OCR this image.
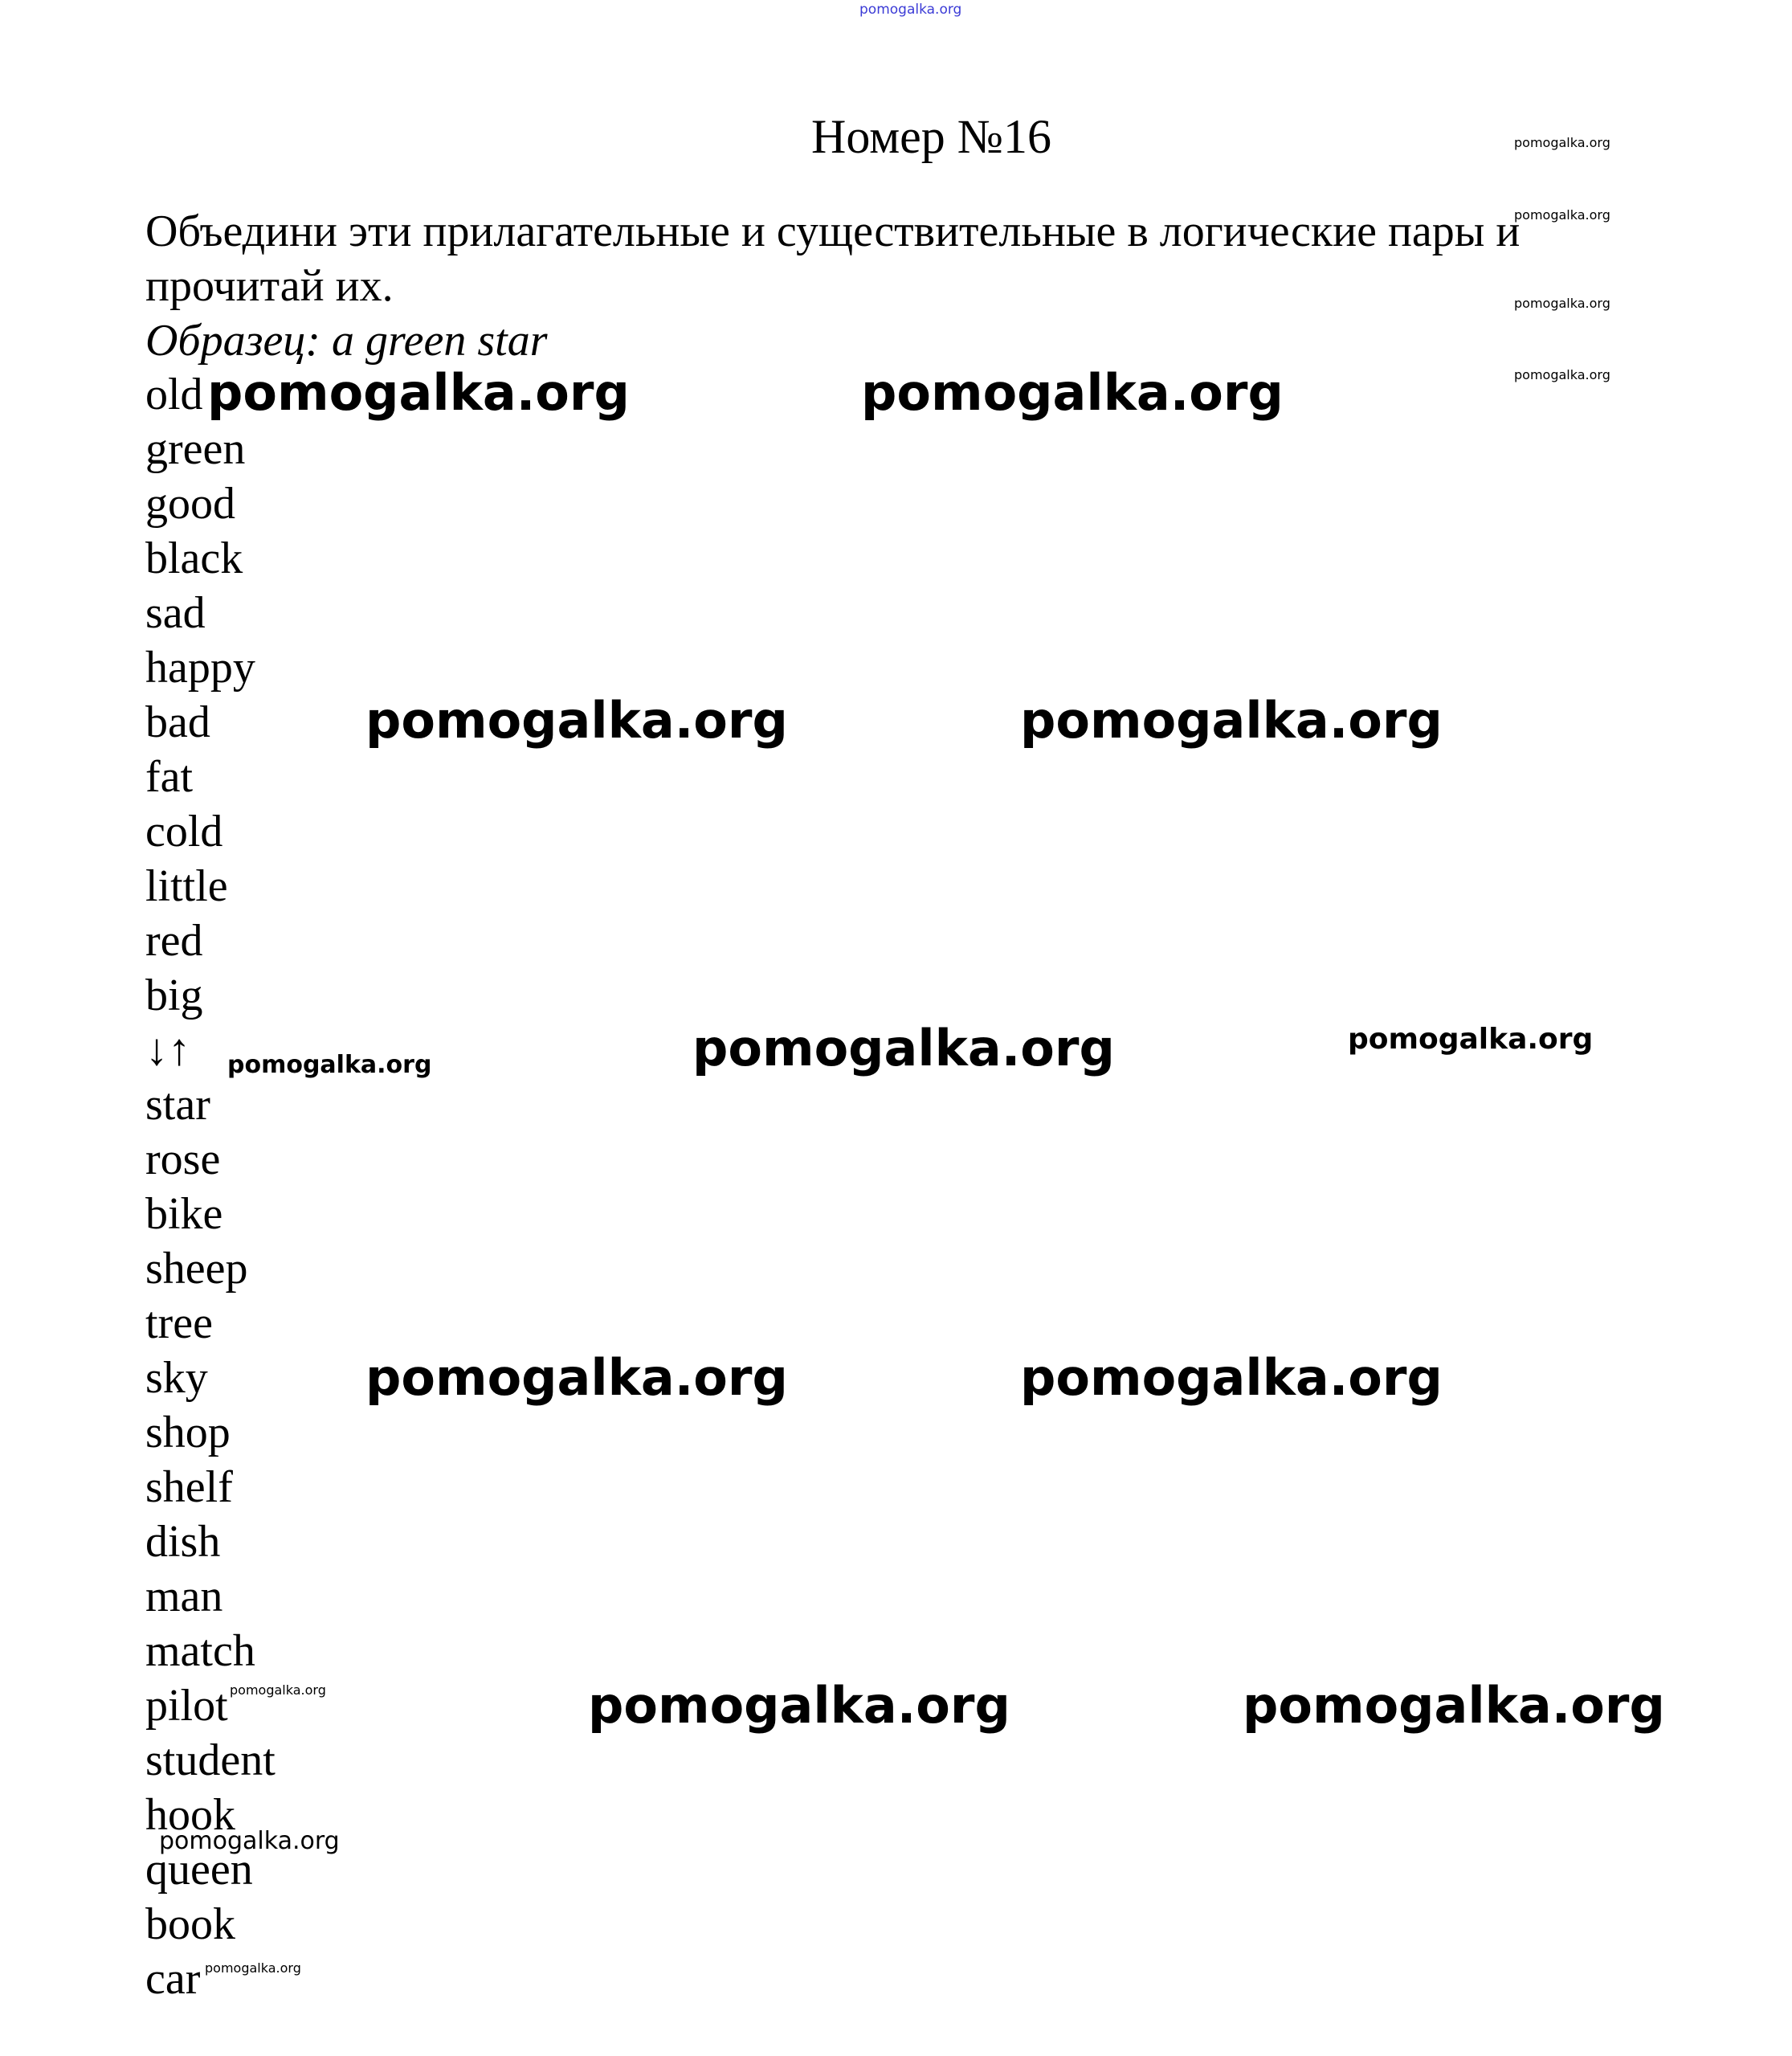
pomogalka.org
Номер №16

Объедини эти прилагательные и существительные в логические пары и прочитай их.

Образец: a green star
old
green
good
black
sad
happy
bad
fat
cold
little
red
big
↓↑
star
rose
bike
sheep
tree
sky
shop
shelf
dish
man
match
pilot
student
hook
queen
book
car
pomogalka.org
pomogalka.org
pomogalka.org
pomogalka.org
pomogalka.org	pomogalka.org
pomogalka.org	pomogalka.org
pomogalka.org	pomogalka.org	pomogalka.org
pomogalka.org	pomogalka.org
pomogalka.org	pomogalka.org	pomogalka.org
pomogalka.org
pomogalka.org
